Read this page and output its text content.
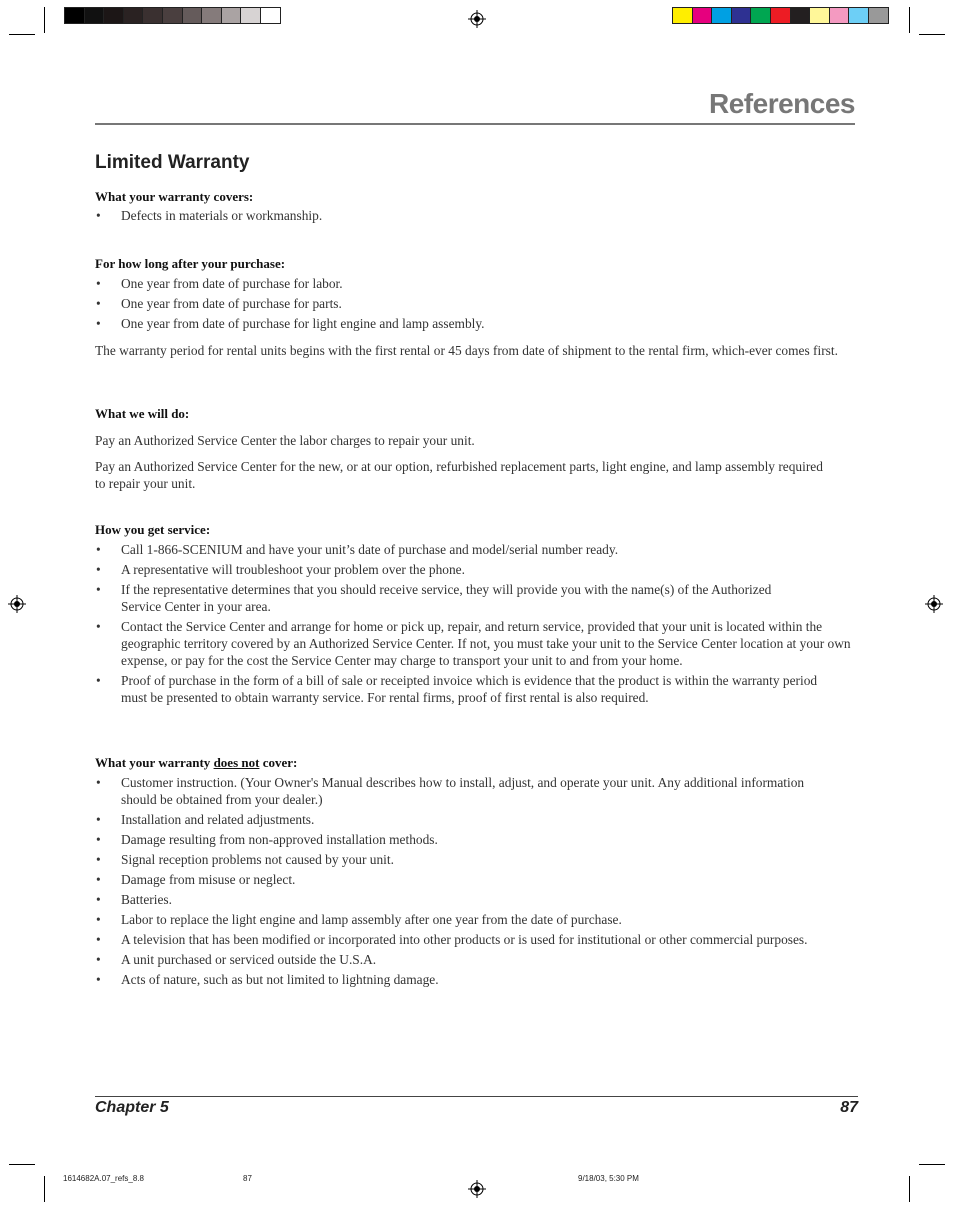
References
Limited Warranty
What your warranty covers:
• Defects in materials or workmanship.
For how long after your purchase:
• One year from date of purchase for labor.
• One year from date of purchase for parts.
• One year from date of purchase for light engine and lamp assembly.
The warranty period for rental units begins with the first rental or 45 days from date of shipment to the rental firm, which-ever comes first.
What we will do:
Pay an Authorized Service Center the labor charges to repair your unit.
Pay an Authorized Service Center for the new, or at our option, refurbished replacement parts, light engine, and lamp assembly required to repair your unit.
How you get service:
• Call 1-866-SCENIUM and have your unit’s date of purchase and model/serial number ready.
• A representative will troubleshoot your problem over the phone.
• If the representative determines that you should receive service, they will provide you with the name(s) of the Authorized Service Center in your area.
• Contact the Service Center and arrange for home or pick up, repair, and return service, provided that your unit is located within the geographic territory covered by an Authorized Service Center. If not, you must take your unit to the Service Center location at your own expense, or pay for the cost the Service Center may charge to transport your unit to and from your home.
• Proof of purchase in the form of a bill of sale or receipted invoice which is evidence that the product is within the warranty period must be presented to obtain warranty service. For rental firms, proof of first rental is also required.
What your warranty does not cover:
• Customer instruction. (Your Owner's Manual describes how to install, adjust, and operate your unit. Any additional information should be obtained from your dealer.)
• Installation and related adjustments.
• Damage resulting from non-approved installation methods.
• Signal reception problems not caused by your unit.
• Damage from misuse or neglect.
• Batteries.
• Labor to replace the light engine and lamp assembly after one year from the date of purchase.
• A television that has been modified or incorporated into other products or is used for institutional or other commercial purposes.
• A unit purchased or serviced outside the U.S.A.
• Acts of nature, such as but not limited to lightning damage.
Chapter 5	87
1614682A.07_refs_8.8	87	9/18/03, 5:30 PM
